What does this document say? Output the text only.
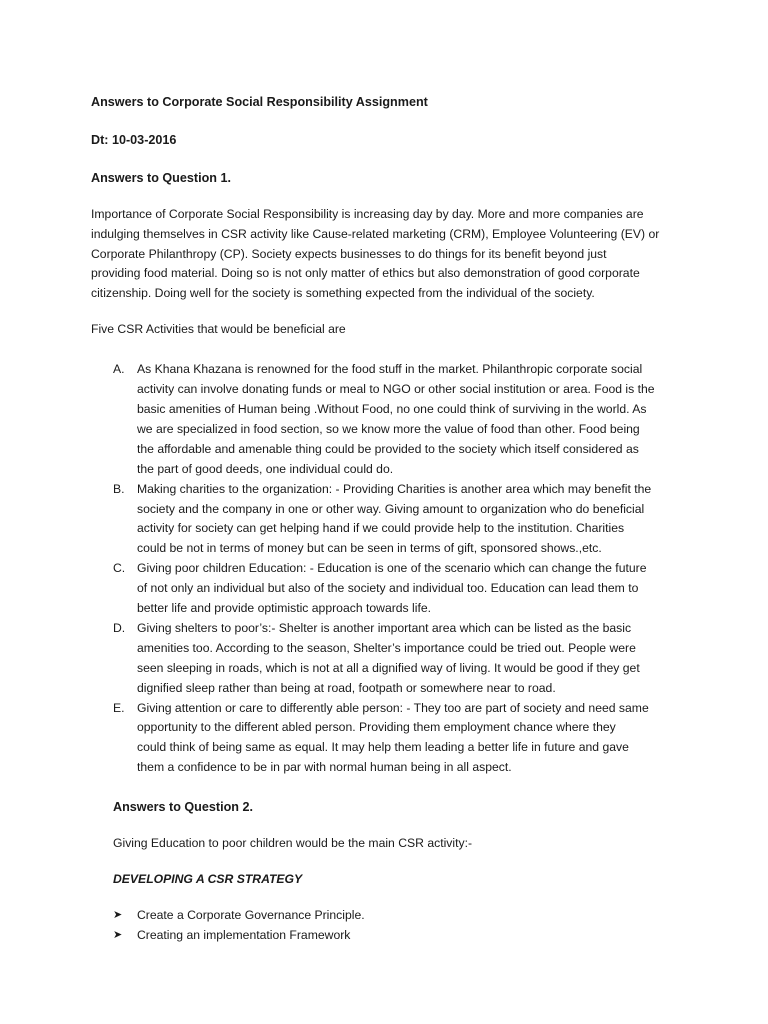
Answers to Corporate Social Responsibility Assignment
Dt: 10-03-2016
Answers to Question 1.
Importance of Corporate Social Responsibility is increasing day by day. More and more companies are
indulging themselves in CSR activity like Cause-related marketing (CRM), Employee Volunteering (EV) or
Corporate Philanthropy (CP). Society expects businesses to do things for its benefit beyond just
providing food material. Doing so is not only matter of ethics but also demonstration of good corporate
citizenship. Doing well for the society is something expected from the individual of the society.
Five CSR Activities that would be beneficial are
A. As Khana Khazana is renowned for the food stuff in the market. Philanthropic corporate social
activity can involve donating funds or meal to NGO or other social institution or area. Food is the
basic amenities of Human being .Without Food, no one could think of surviving in the world. As
we are specialized in food section, so we know more the value of food than other. Food being
the affordable and amenable thing could be provided to the society which itself considered as
the part of good deeds, one individual could do.
B. Making charities to the organization: - Providing Charities is another area which may benefit the
society and the company in one or other way. Giving amount to organization who do beneficial
activity for society can get helping hand if we could provide help to the institution. Charities
could be not in terms of money but can be seen in terms of gift, sponsored shows.,etc.
C. Giving poor children Education: - Education is one of the scenario which can change the future
of not only an individual but also of the society and individual too. Education can lead them to
better life and provide optimistic approach towards life.
D. Giving shelters to poor’s:- Shelter is another important area which can be listed as the basic
amenities too. According to the season, Shelter’s importance could be tried out. People were
seen sleeping in roads, which is not at all a dignified way of living. It would be good if they get
dignified sleep rather than being at road, footpath or somewhere near to road.
E. Giving attention or care to differently able person: - They too are part of society and need same
opportunity to the different abled person. Providing them employment chance where they
could think of being same as equal. It may help them leading a better life in future and gave
them a confidence to be in par with normal human being in all aspect.
Answers to Question 2.
Giving Education to poor children would be the main CSR activity:-
DEVELOPING A CSR STRATEGY
➤ Create a Corporate Governance Principle.
➤ Creating an implementation Framework
